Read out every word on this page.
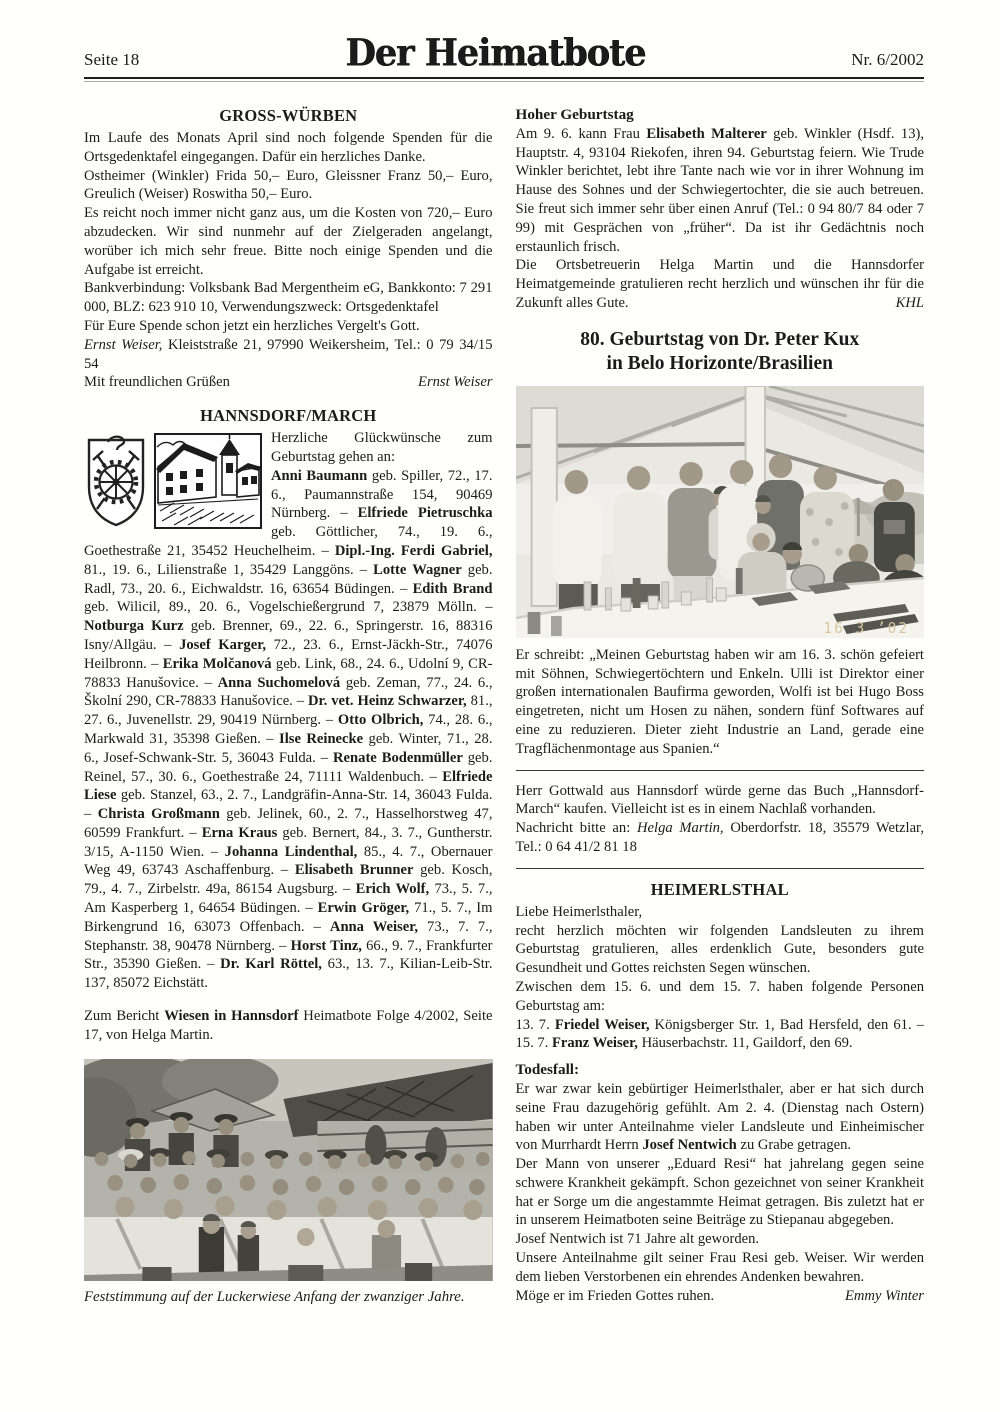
Seite 18	Der Heimatbote	Nr. 6/2002
GROSS-WÜRBEN

Im Laufe des Monats April sind noch folgende Spenden für die Ortsgedenktafel eingegangen. Dafür ein herzliches Danke.

Ostheimer (Winkler) Frida 50,– Euro, Gleissner Franz 50,– Euro, Greulich (Weiser) Roswitha 50,– Euro.

Es reicht noch immer nicht ganz aus, um die Kosten von 720,– Euro abzudecken. Wir sind nunmehr auf der Zielgeraden angelangt, worüber ich mich sehr freue. Bitte noch einige Spenden und die Aufgabe ist erreicht.

Bankverbindung: Volksbank Bad Mergentheim eG, Bankkonto: 7 291 000, BLZ: 623 910 10, Verwendungszweck: Ortsgedenktafel

Für Eure Spende schon jetzt ein herzliches Vergelt's Gott.

Ernst Weiser, Kleiststraße 21, 97990 Weikersheim, Tel.: 0 79 34/15 54

Mit freundlichen Grüßen	Ernst Weiser
HANNSDORF/MARCH

Herzliche Glückwünsche zum Geburtstag gehen an:

Anni Baumann geb. Spiller, 72., 17. 6., Paumannstraße 154, 90469 Nürnberg. – Elfriede Pietruschka geb. Göttlicher, 74., 19. 6., Goethestraße 21, 35452 Heuchelheim. – Dipl.-Ing. Ferdi Gabriel, 81., 19. 6., Lilienstraße 1, 35429 Langgöns. – Lotte Wagner geb. Radl, 73., 20. 6., Eichwaldstr. 16, 63654 Büdingen. – Edith Brand geb. Wilicil, 89., 20. 6., Vogelschießergrund 7, 23879 Mölln. – Notburga Kurz geb. Brenner, 69., 22. 6., Springerstr. 16, 88316 Isny/Allgäu. – Josef Karger, 72., 23. 6., Ernst-Jäckh-Str., 74076 Heilbronn. – Erika Molčanová geb. Link, 68., 24. 6., Udolní 9, CR-78833 Hanušovice. – Anna Suchomelová geb. Zeman, 77., 24. 6., Školní 290, CR-78833 Hanušovice. – Dr. vet. Heinz Schwarzer, 81., 27. 6., Juvenellstr. 29, 90419 Nürnberg. – Otto Olbrich, 74., 28. 6., Markwald 31, 35398 Gießen. – Ilse Reinecke geb. Winter, 71., 28. 6., Josef-Schwank-Str. 5, 36043 Fulda. – Renate Bodenmüller geb. Reinel, 57., 30. 6., Goethestraße 24, 71111 Waldenbuch. – Elfriede Liese geb. Stanzel, 63., 2. 7., Landgräfin-Anna-Str. 14, 36043 Fulda. – Christa Großmann geb. Jelinek, 60., 2. 7., Hasselhorstweg 47, 60599 Frankfurt. – Erna Kraus geb. Bernert, 84., 3. 7., Guntherstr. 3/15, A-1150 Wien. – Johanna Lindenthal, 85., 4. 7., Obernauer Weg 49, 63743 Aschaffenburg. – Elisabeth Brunner geb. Kosch, 79., 4. 7., Zirbelstr. 49a, 86154 Augsburg. – Erich Wolf, 73., 5. 7., Am Kasperberg 1, 64654 Büdingen. – Erwin Gröger, 71., 5. 7., Im Birkengrund 16, 63073 Offenbach. – Anna Weiser, 73., 7. 7., Stephanstr. 38, 90478 Nürnberg. – Horst Tinz, 66., 9. 7., Frankfurter Str., 35390 Gießen. – Dr. Karl Röttel, 63., 13. 7., Kilian-Leib-Str. 137, 85072 Eichstätt.

Zum Bericht Wiesen in Hannsdorf Heimatbote Folge 4/2002, Seite 17, von Helga Martin.

Feststimmung auf der Luckerwiese Anfang der zwanziger Jahre.
Hoher Geburtstag

Am 9. 6. kann Frau Elisabeth Malterer geb. Winkler (Hsdf. 13), Hauptstr. 4, 93104 Riekofen, ihren 94. Geburtstag feiern. Wie Trude Winkler berichtet, lebt ihre Tante nach wie vor in ihrer Wohnung im Hause des Sohnes und der Schwiegertochter, die sie auch betreuen. Sie freut sich immer sehr über einen Anruf (Tel.: 0 94 80/7 84 oder 7 99) mit Gesprächen von „früher“. Da ist ihr Gedächtnis noch erstaunlich frisch.

Die Ortsbetreuerin Helga Martin und die Hannsdorfer Heimatgemeinde gratulieren recht herzlich und wünschen ihr für die Zukunft alles Gute.	KHL
80. Geburtstag von Dr. Peter Kux
in Belo Horizonte/Brasilien
16 3 ’02

Er schreibt: „Meinen Geburtstag haben wir am 16. 3. schön gefeiert mit Söhnen, Schwiegertöchtern und Enkeln. Ulli ist Direktor einer großen internationalen Baufirma geworden, Wolfi ist bei Hugo Boss eingetreten, nicht um Hosen zu nähen, sondern fünf Softwares auf eine zu reduzieren. Dieter zieht Industrie an Land, gerade eine Tragflächenmontage aus Spanien.“

Herr Gottwald aus Hannsdorf würde gerne das Buch „Hannsdorf-March“ kaufen. Vielleicht ist es in einem Nachlaß vorhanden.

Nachricht bitte an: Helga Martin, Oberdorfstr. 18, 35579 Wetzlar, Tel.: 0 64 41/2 81 18

HEIMERLSTHAL

Liebe Heimerlsthaler,

recht herzlich möchten wir folgenden Landsleuten zu ihrem Geburtstag gratulieren, alles erdenklich Gute, besonders gute Gesundheit und Gottes reichsten Segen wünschen.

Zwischen dem 15. 6. und dem 15. 7. haben folgende Personen Geburtstag am:

13. 7. Friedel Weiser, Königsberger Str. 1, Bad Hersfeld, den 61. – 15. 7. Franz Weiser, Häuserbachstr. 11, Gaildorf, den 69.

Todesfall:

Er war zwar kein gebürtiger Heimerlsthaler, aber er hat sich durch seine Frau dazugehörig gefühlt. Am 2. 4. (Dienstag nach Ostern) haben wir unter Anteilnahme vieler Landsleute und Einheimischer von Murrhardt Herrn Josef Nentwich zu Grabe getragen.

Der Mann von unserer „Eduard Resi“ hat jahrelang gegen seine schwere Krankheit gekämpft. Schon gezeichnet von seiner Krankheit hat er Sorge um die angestammte Heimat getragen. Bis zuletzt hat er in unserem Heimatboten seine Beiträge zu Stiepanau abgegeben.

Josef Nentwich ist 71 Jahre alt geworden.

Unsere Anteilnahme gilt seiner Frau Resi geb. Weiser. Wir werden dem lieben Verstorbenen ein ehrendes Andenken bewahren.

Möge er im Frieden Gottes ruhen.	Emmy Winter
